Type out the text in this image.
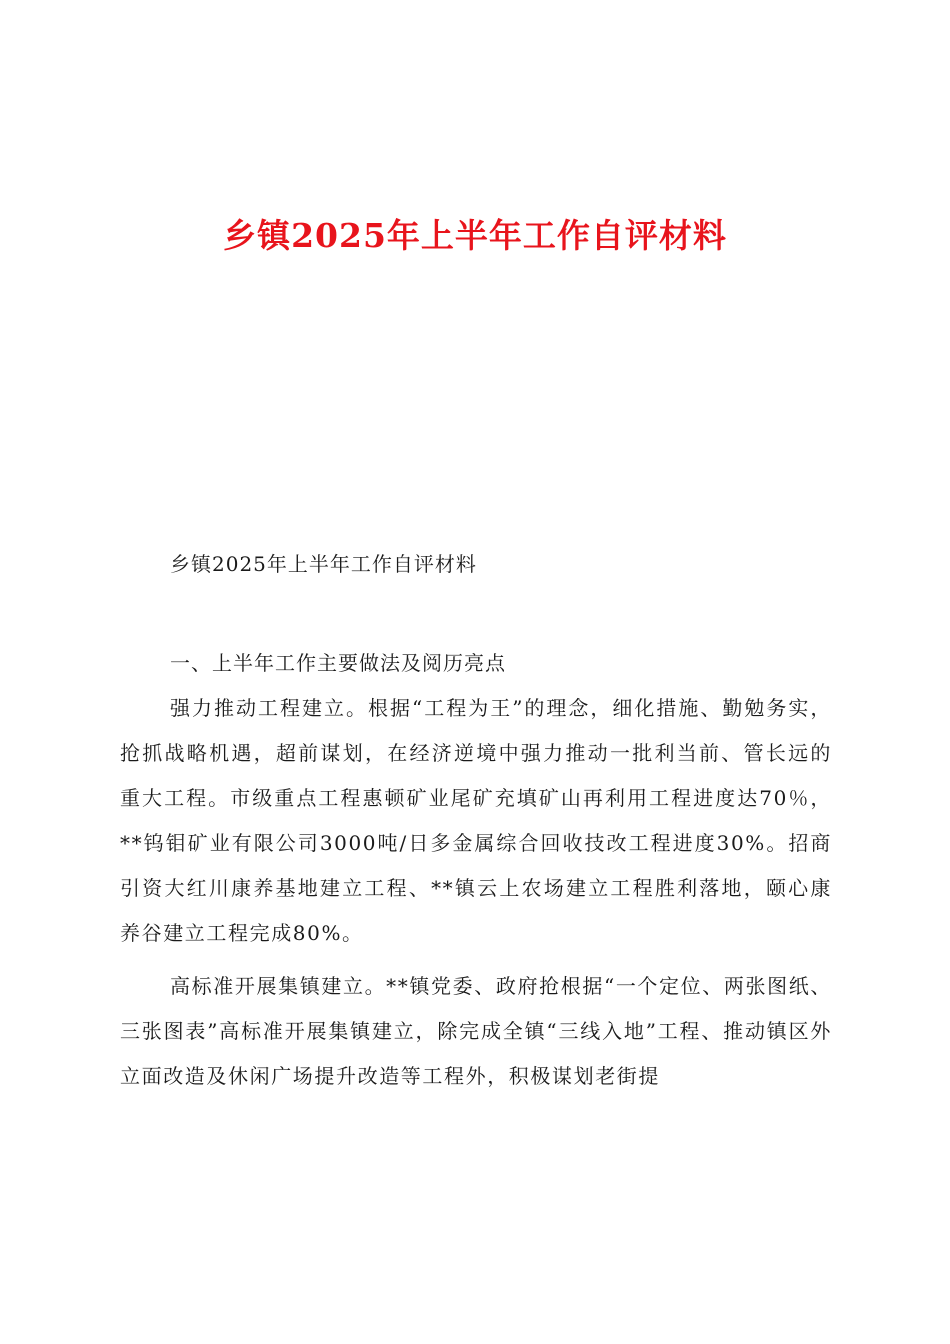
乡镇2025年上半年工作自评材料

乡镇2025年上半年工作自评材料

一、上半年工作主要做法及阅历亮点

强力推动工程建立。根据“工程为王”的理念，细化措施、勤勉务实，抢抓战略机遇，超前谋划，在经济逆境中强力推动一批利当前、管长远的重大工程。市级重点工程惠顿矿业尾矿充填矿山再利用工程进度达70％，**钨钼矿业有限公司3000吨/日多金属综合回收技改工程进度30%。招商引资大红川康养基地建立工程、**镇云上农场建立工程胜利落地，颐心康养谷建立工程完成80%。

高标准开展集镇建立。**镇党委、政府抢根据“一个定位、两张图纸、三张图表”高标准开展集镇建立，除完成全镇“三线入地”工程、推动镇区外立面改造及休闲广场提升改造等工程外，积极谋划老街提
